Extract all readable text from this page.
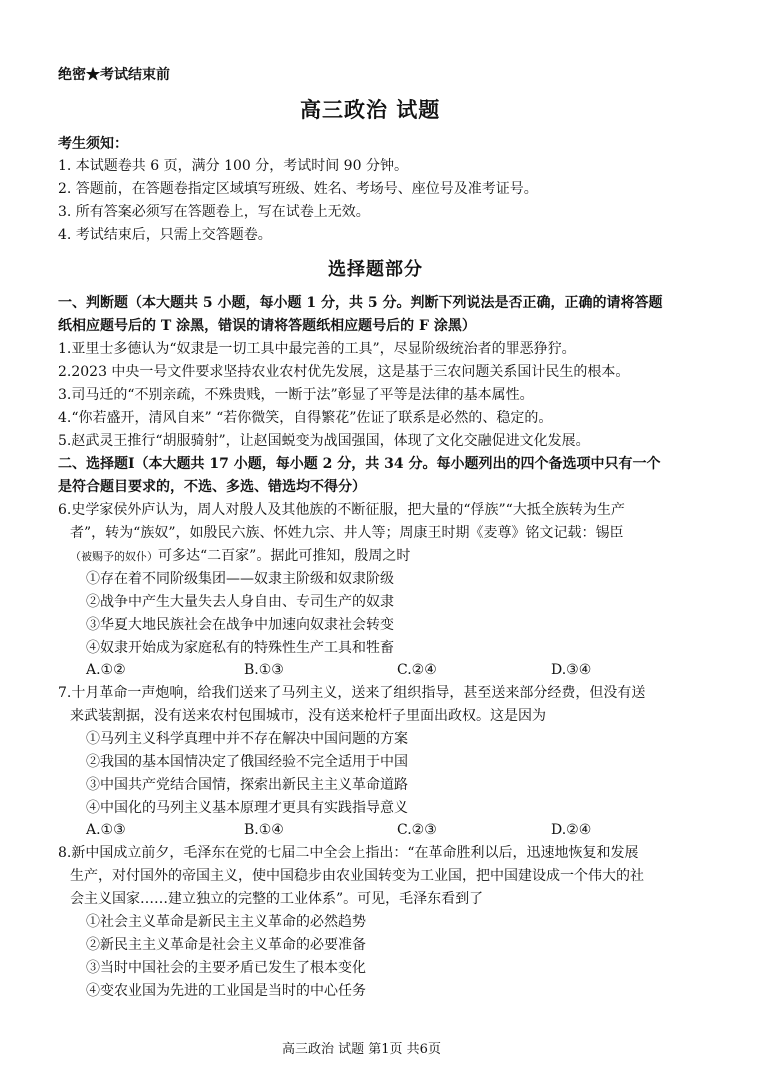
绝密★考试结束前
高三政治 试题
考生须知：
1. 本试题卷共 6 页，满分 100 分，考试时间 90 分钟。
2. 答题前，在答题卷指定区域填写班级、姓名、考场号、座位号及准考证号。
3. 所有答案必须写在答题卷上，写在试卷上无效。
4. 考试结束后，只需上交答题卷。
选择题部分
一、判断题（本大题共 5 小题，每小题 1 分，共 5 分。判断下列说法是否正确，正确的请将答题
纸相应题号后的 T 涂黑，错误的请将答题纸相应题号后的 F 涂黑）
1.亚里士多德认为“奴隶是一切工具中最完善的工具”，尽显阶级统治者的罪恶狰狞。
2.2023 中央一号文件要求坚持农业农村优先发展，这是基于三农问题关系国计民生的根本。
3.司马迁的“不别亲疏，不殊贵贱，一断于法”彰显了平等是法律的基本属性。
4.“你若盛开，清风自来” “若你微笑，自得繁花”佐证了联系是必然的、稳定的。
5.赵武灵王推行“胡服骑射”，让赵国蜕变为战国强国，体现了文化交融促进文化发展。
二、选择题Ⅰ（本大题共 17 小题，每小题 2 分，共 34 分。每小题列出的四个备选项中只有一个
是符合题目要求的，不选、多选、错选均不得分）
6.史学家侯外庐认为，周人对殷人及其他族的不断征服，把大量的“俘族”“大抵全族转为生产
者”，转为“族奴”，如殷民六族、怀姓九宗、井人等；周康王时期《麦尊》铭文记载：锡臣
（被赐予的奴仆）可多达“二百家”。据此可推知，殷周之时
①存在着不同阶级集团——奴隶主阶级和奴隶阶级
②战争中产生大量失去人身自由、专司生产的奴隶
③华夏大地民族社会在战争中加速向奴隶社会转变
④奴隶开始成为家庭私有的特殊性生产工具和牲畜
A.①②	B.①③	C.②④	D.③④
7.十月革命一声炮响，给我们送来了马列主义，送来了组织指导，甚至送来部分经费，但没有送
来武装割据，没有送来农村包围城市，没有送来枪杆子里面出政权。这是因为
①马列主义科学真理中并不存在解决中国问题的方案
②我国的基本国情决定了俄国经验不完全适用于中国
③中国共产党结合国情，探索出新民主主义革命道路
④中国化的马列主义基本原理才更具有实践指导意义
A.①③	B.①④	C.②③	D.②④
8.新中国成立前夕，毛泽东在党的七届二中全会上指出：“在革命胜利以后，迅速地恢复和发展
生产，对付国外的帝国主义，使中国稳步由农业国转变为工业国，把中国建设成一个伟大的社
会主义国家……建立独立的完整的工业体系”。可见，毛泽东看到了
①社会主义革命是新民主主义革命的必然趋势
②新民主主义革命是社会主义革命的必要准备
③当时中国社会的主要矛盾已发生了根本变化
④变农业国为先进的工业国是当时的中心任务
高三政治 试题 第1页 共6页
